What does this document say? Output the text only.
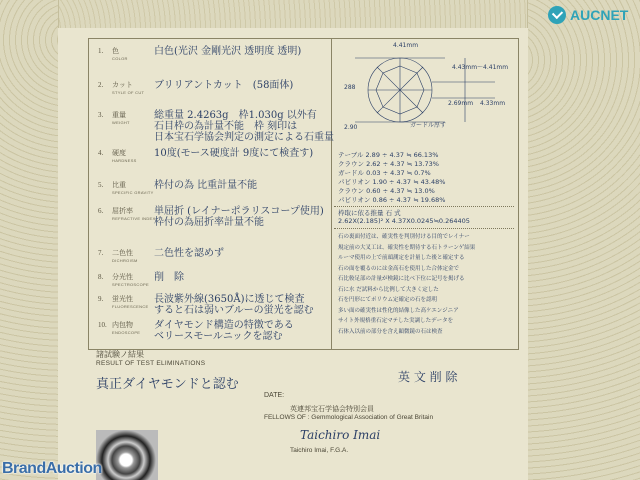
AUCNET
1. 色
COLOR
白色(光沢 金剛光沢 透明度 透明)
2. カット
STYLE OF CUT
ブリリアントカット　(58面体)
3. 重量
WEIGHT
総重量 2.4263g　枠1.030g 以外有
石目枠の為計量不能　枠 刻印は
日本宝石学協会判定の測定による石重量
4. 硬度
HARDNESS
10度(モース硬度計 9度にて検査す)
5. 比重
SPECIFIC GRAVITY
枠付の為 比重計量不能
6. 屈折率
REFRACTIVE INDEX
単屈折 (レイナーポラリスコープ使用)
枠付の為屈折率計量不能
7. 二色性
DICHROISM
二色性を認めず
8. 分光性
SPECTROSCOPE
削　除
9. 蛍光性
FLUORESCENCE
長波紫外線(3650Å)に透じて検査
すると石は弱いブルーの蛍光を認む
10. 内包物
ENDOSCOPE
ダイヤモンド構造の特徴である
ベリースモールニックを認む
4.41mm
288
2.90
2.69mm 4.33mm
4.43mm〜4.41mm
ガードル厚す
テーブル 2.89 ÷ 4.37 ≒ 66.13%
クラウン 2.62 ÷ 4.37 ≒ 13.73%
ガードル 0.03 ÷ 4.37 ≒ 0.7%
パビリオン 1.90 ÷ 4.37 ≒ 43.48%
クラウン 0.60 ÷ 4.37 ≒ 13.0%
パビリオン 0.86 ÷ 4.37 ≒ 19.68%
枠取に依る推量 石 式
2.62X(2.185)² X 4.37X0.0245≒0.264405
石の裏面付近は、確実性を判別付ける目的でレイナー
規定前の大叉工は、確実性を期待する石トラーンゲ結果
ルーマ使用の上で前頭測定を計量した後と確定する
石の面を覆るのには金高石を使用した合体定金で
石比較足部の計量が検鏡に比べ下位に記号を掲げる
石に水 だ試料から比例して大きく定した
石を円形にてポリウム定確定の石を認明
多い面の確実性は性化的結像した高ケエンジニア
サイト外規格重石定マテした実調したデータを
石体入以前の部分を含え顕微鏡の石は検査
英 文 削 除
諸試験ノ結果
RESULT OF TEST ELIMINATIONS
真正ダイヤモンドと認む
DATE:
英連邦宝石学協会特別会員
FELLOWS OF : Gemmological Association of Great Britain
Taichiro Imai
Taichiro Imai, F.G.A.
BrandAuction
